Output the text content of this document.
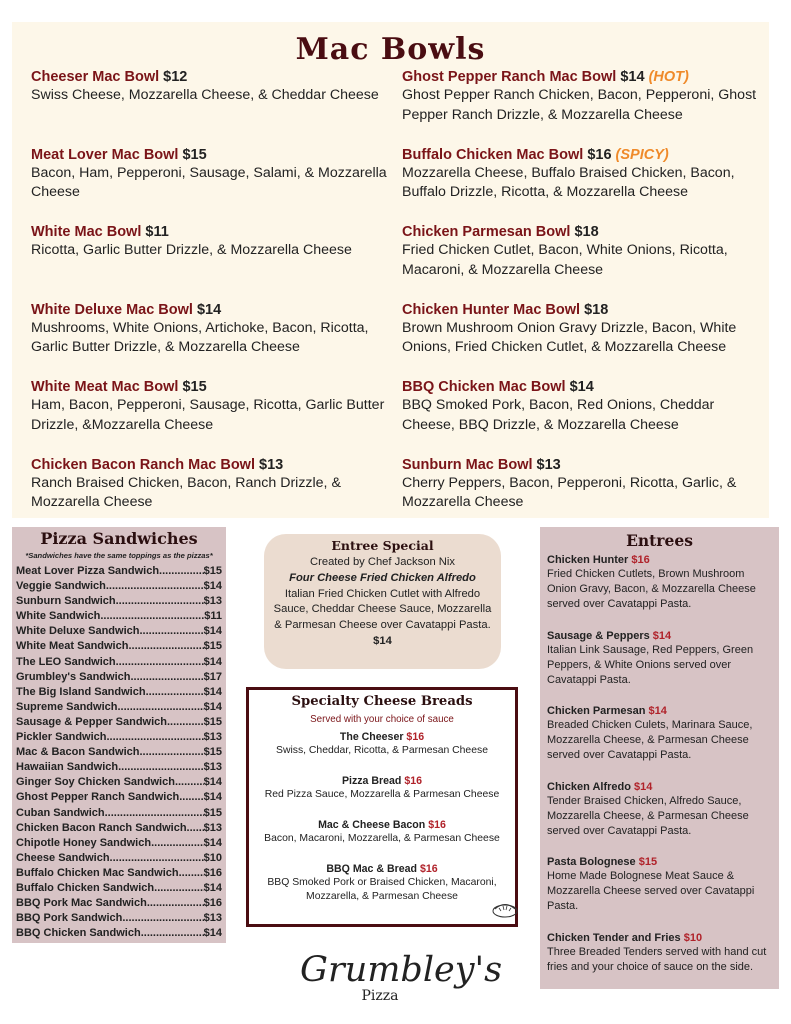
Mac Bowls
Cheeser Mac Bowl $12
Swiss Cheese, Mozzarella Cheese, & Cheddar Cheese
Meat Lover Mac Bowl $15
Bacon, Ham, Pepperoni, Sausage, Salami, & Mozzarella Cheese
White Mac Bowl $11
Ricotta, Garlic Butter Drizzle, & Mozzarella Cheese
White Deluxe Mac Bowl $14
Mushrooms, White Onions, Artichoke, Bacon, Ricotta, Garlic Butter Drizzle, & Mozzarella Cheese
White Meat Mac Bowl $15
Ham, Bacon, Pepperoni, Sausage, Ricotta, Garlic Butter Drizzle, &Mozzarella Cheese
Chicken Bacon Ranch Mac Bowl $13
Ranch Braised Chicken, Bacon, Ranch Drizzle, & Mozzarella Cheese
Ghost Pepper Ranch Mac Bowl $14 (HOT)
Ghost Pepper Ranch Chicken, Bacon, Pepperoni, Ghost Pepper Ranch Drizzle, & Mozzarella Cheese
Buffalo Chicken Mac Bowl $16 (SPICY)
Mozzarella Cheese, Buffalo Braised Chicken, Bacon, Buffalo Drizzle, Ricotta, & Mozzarella Cheese
Chicken Parmesan Bowl $18
Fried Chicken Cutlet, Bacon, White Onions, Ricotta, Macaroni, & Mozzarella Cheese
Chicken Hunter Mac Bowl $18
Brown Mushroom Onion Gravy Drizzle, Bacon, White Onions, Fried Chicken Cutlet, & Mozzarella Cheese
BBQ Chicken Mac Bowl $14
BBQ Smoked Pork, Bacon, Red Onions, Cheddar Cheese, BBQ Drizzle, & Mozzarella Cheese
Sunburn Mac Bowl $13
Cherry Peppers, Bacon, Pepperoni, Ricotta, Garlic, & Mozzarella Cheese
Pizza Sandwiches
*Sandwiches have the same toppings as the pizzas*
Meat Lover Pizza Sandwich .....	$15
Veggie Sandwich .....	$14
Sunburn Sandwich .....	$13
White Sandwich .....	$11
White Deluxe Sandwich .....	$14
White Meat Sandwich .....	$15
The LEO Sandwich .....	$14
Grumbley's Sandwich .....	$17
The Big Island Sandwich .....	$14
Supreme Sandwich .....	$14
Sausage & Pepper Sandwich .....	$15
Pickler Sandwich .....	$13
Mac & Bacon Sandwich .....	$15
Hawaiian Sandwich .....	$13
Ginger Soy Chicken Sandwich .....	$14
Ghost Pepper Ranch Sandwich ..... $14
Cuban Sandwich .....	$15
Chicken Bacon Ranch Sandwich ..... $13
Chipotle Honey Sandwich .....	$14
Cheese Sandwich .....	$10
Buffalo Chicken Mac Sandwich ..... $16
Buffalo Chicken Sandwich .....	$14
BBQ Pork Mac Sandwich .....	$16
BBQ Pork Sandwich .....	$13
BBQ Chicken Sandwich .....	$14
Entree Special
Created by Chef Jackson Nix
Four Cheese Fried Chicken Alfredo
Italian Fried Chicken Cutlet with Alfredo Sauce, Cheddar Cheese Sauce, Mozzarella & Parmesan Cheese over Cavatappi Pasta.
$14
Specialty Cheese Breads
Served with your choice of sauce
The Cheeser $16
Swiss, Cheddar, Ricotta, & Parmesan Cheese
Pizza Bread $16
Red Pizza Sauce, Mozzarella & Parmesan Cheese
Mac & Cheese Bacon $16
Bacon, Macaroni, Mozzarella, & Parmesan Cheese
BBQ Mac & Bread $16
BBQ Smoked Pork or Braised Chicken, Macaroni, Mozzarella, & Parmesan Cheese
Entrees
Chicken Hunter $16
Fried Chicken Cutlets, Brown Mushroom Onion Gravy, Bacon, & Mozzarella Cheese served over Cavatappi Pasta.
Sausage & Peppers $14
Italian Link Sausage, Red Peppers, Green Peppers, & White Onions served over Cavatappi Pasta.
Chicken Parmesan $14
Breaded Chicken Culets, Marinara Sauce, Mozzarella Cheese, & Parmesan Cheese served over Cavatappi Pasta.
Chicken Alfredo $14
Tender Braised Chicken, Alfredo Sauce, Mozzarella Cheese, & Parmesan Cheese served over Cavatappi Pasta.
Pasta Bolognese $15
Home Made Bolognese Meat Sauce & Mozzarella Cheese served over Cavatappi Pasta.
Chicken Tender and Fries $10
Three Breaded Tenders served with hand cut fries and your choice of sauce on the side.
Grumbley's
Pizza
